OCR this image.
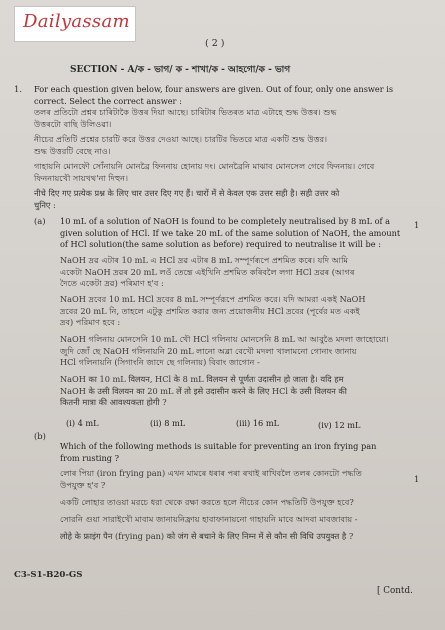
Dailyassam
( 2 )
SECTION - A/ক - ভাগ/ ক - শাখা/ক - আহগো/ক - ভাগ
1. For each question given below, four answers are given. Out of four, only one answer is
correct. Select the correct answer :
তলৰ প্ৰতিটো প্ৰশ্নৰ চাৰিটাকৈ উত্তৰ দিয়া আছে। চাৰিটাৰ ভিতৰত মাত্ৰ এটাহে শুদ্ধ উত্তৰ। শুদ্ধ
উত্তৰটো বাছি উলিওৱা।
নীচের প্রতিটি প্রশ্নের চারটি করে উত্তর দেওয়া আছে। চারটির ভিতরে মাত্র একটি শুদ্ধ উত্তর।
শুদ্ধ উত্তরটি বেছে নাও।
গাহায়নি মোনফৌ সোঁনায়নি মোনব্ৰৈ ফিননায় হোনায় দং। মোনব্ৰৈনি মাঝাব মোনসেল গেবে ফিননায়। গেবে
ফিননায়খৌ সায়খথ'না দিহুন।
नीचे दिए गए प्रत्येक प्रश्न के लिए चार उत्तर दिए गए हैं। चारों में से केवल एक उत्तर सही है। सही उत्तर को
चुनिए :
(a)	1
10 mL of a solution of NaOH is found to be completely neutralised by 8 mL of a
given solution of HCl. If we take 20 mL of the same solution of NaOH, the amount
of HCl solution(the same solution as before) required to neutralise it will be :
NaOH দ্ৰৱ এটাৰ 10 mL এ HCl দ্ৰৱ এটাৰ 8 mL সম্পূৰ্ণৰূপে প্ৰশমিত কৰে। যদি আমি
একেটা NaOH দ্ৰৱৰ 20 mL লওঁ তেন্তে এইখিনি প্ৰশমিত কৰিবলৈ লগা HCl দ্ৰৱৰ (আগৰ
দৈতে একেটা দ্ৰৱ) পৰিমাণ হ'ব :
NaOH দ্রবের 10 mL HCl দ্রবের 8 mL সম্পূর্ণরূপে প্রশমিত করে। যদি আমরা একই NaOH
দ্রবের 20 mL নি, তাহলে এটুকু প্রশমিত করার জন্য প্রয়োজনীয় HCl দ্রবের (পূর্বের মত একই
দ্রব) পরিমাণ হবে :
NaOH গলিনায় মোনসেনি 10 mL খৌ HCl গলিনায় মোনসেনি 8 mL আ আবুঙৈ মদলা জাহোয়ো।
জুদি জোঁ ছে NaOH গলিনায়নি 20 mL লানো অব্লা বেখৌ মদলা খালামনো গোনাং জানায়
HCl গলিনায়নি (সিগাংনি জাদে ছে গলিনায়) বিবাং জাগোন -
NaOH का 10 mL विलयन, HCl के 8 mL विलयन से पूर्णतः उदासीन हो जाता है। यदि हम
NaOH के उसी विलयन का 20 mL लें तो इसे उदासीन करने के लिए HCl के उसी विलयन की
कितनी मात्रा की आवश्यकता होगी ?
(i) 4 mL	(ii) 8 mL	(iii) 16 mL	(iv) 12 mL
(b)
1
Which of the following methods is suitable for preventing an iron frying pan
from rusting ?
লোৰ পিয়া (iron frying pan) এখন মামৰে ধৰাৰ পৰা ৰখাই ৰাখিবলৈ তলৰ কোনটো পদ্ধতি
উপযুক্ত হ'ব ?
একটি লোহার তাওয়া মরচে ধরা থেকে রক্ষা করতে হলে নীচের কোন পদ্ধতিটি উপযুক্ত হবে?
সোরনি গুয়া সারাইখৌ মাবাম জানায়নিফ্রায় হাবাফানায়নো গাহায়নি মাবে আদবা মাবজাবায় -
लोहे के फ्राइंग पैन (frying pan) को जंग से बचाने के लिए निम्न में से कौन सी विधि उपयुक्त है ?
C3-S1-B20-GS
[ Contd.
